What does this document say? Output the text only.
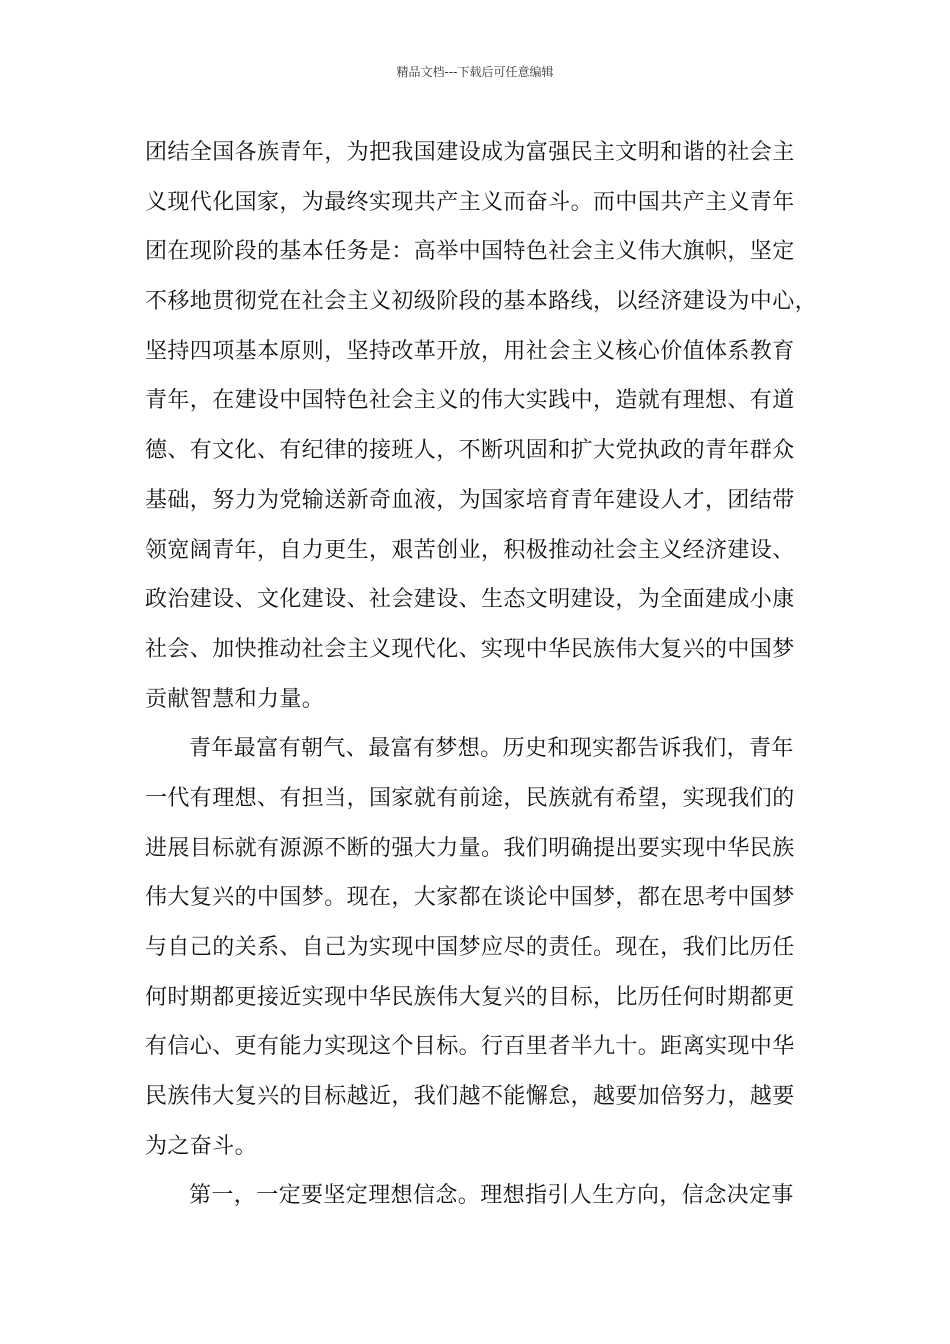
精品文档---下载后可任意编辑
团结全国各族青年，为把我国建设成为富强民主文明和谐的社会主
义现代化国家，为最终实现共产主义而奋斗。而中国共产主义青年
团在现阶段的基本任务是：高举中国特色社会主义伟大旗帜，坚定
不移地贯彻党在社会主义初级阶段的基本路线，以经济建设为中心，
坚持四项基本原则，坚持改革开放，用社会主义核心价值体系教育
青年，在建设中国特色社会主义的伟大实践中，造就有理想、有道
德、有文化、有纪律的接班人，不断巩固和扩大党执政的青年群众
基础，努力为党输送新奇血液，为国家培育青年建设人才，团结带
领宽阔青年，自力更生，艰苦创业，积极推动社会主义经济建设、
政治建设、文化建设、社会建设、生态文明建设，为全面建成小康
社会、加快推动社会主义现代化、实现中华民族伟大复兴的中国梦
贡献智慧和力量。
青年最富有朝气、最富有梦想。历史和现实都告诉我们，青年
一代有理想、有担当，国家就有前途，民族就有希望，实现我们的
进展目标就有源源不断的强大力量。我们明确提出要实现中华民族
伟大复兴的中国梦。现在，大家都在谈论中国梦，都在思考中国梦
与自己的关系、自己为实现中国梦应尽的责任。现在，我们比历任
何时期都更接近实现中华民族伟大复兴的目标，比历任何时期都更
有信心、更有能力实现这个目标。行百里者半九十。距离实现中华
民族伟大复兴的目标越近，我们越不能懈怠，越要加倍努力，越要
为之奋斗。
第一，一定要坚定理想信念。理想指引人生方向，信念决定事
